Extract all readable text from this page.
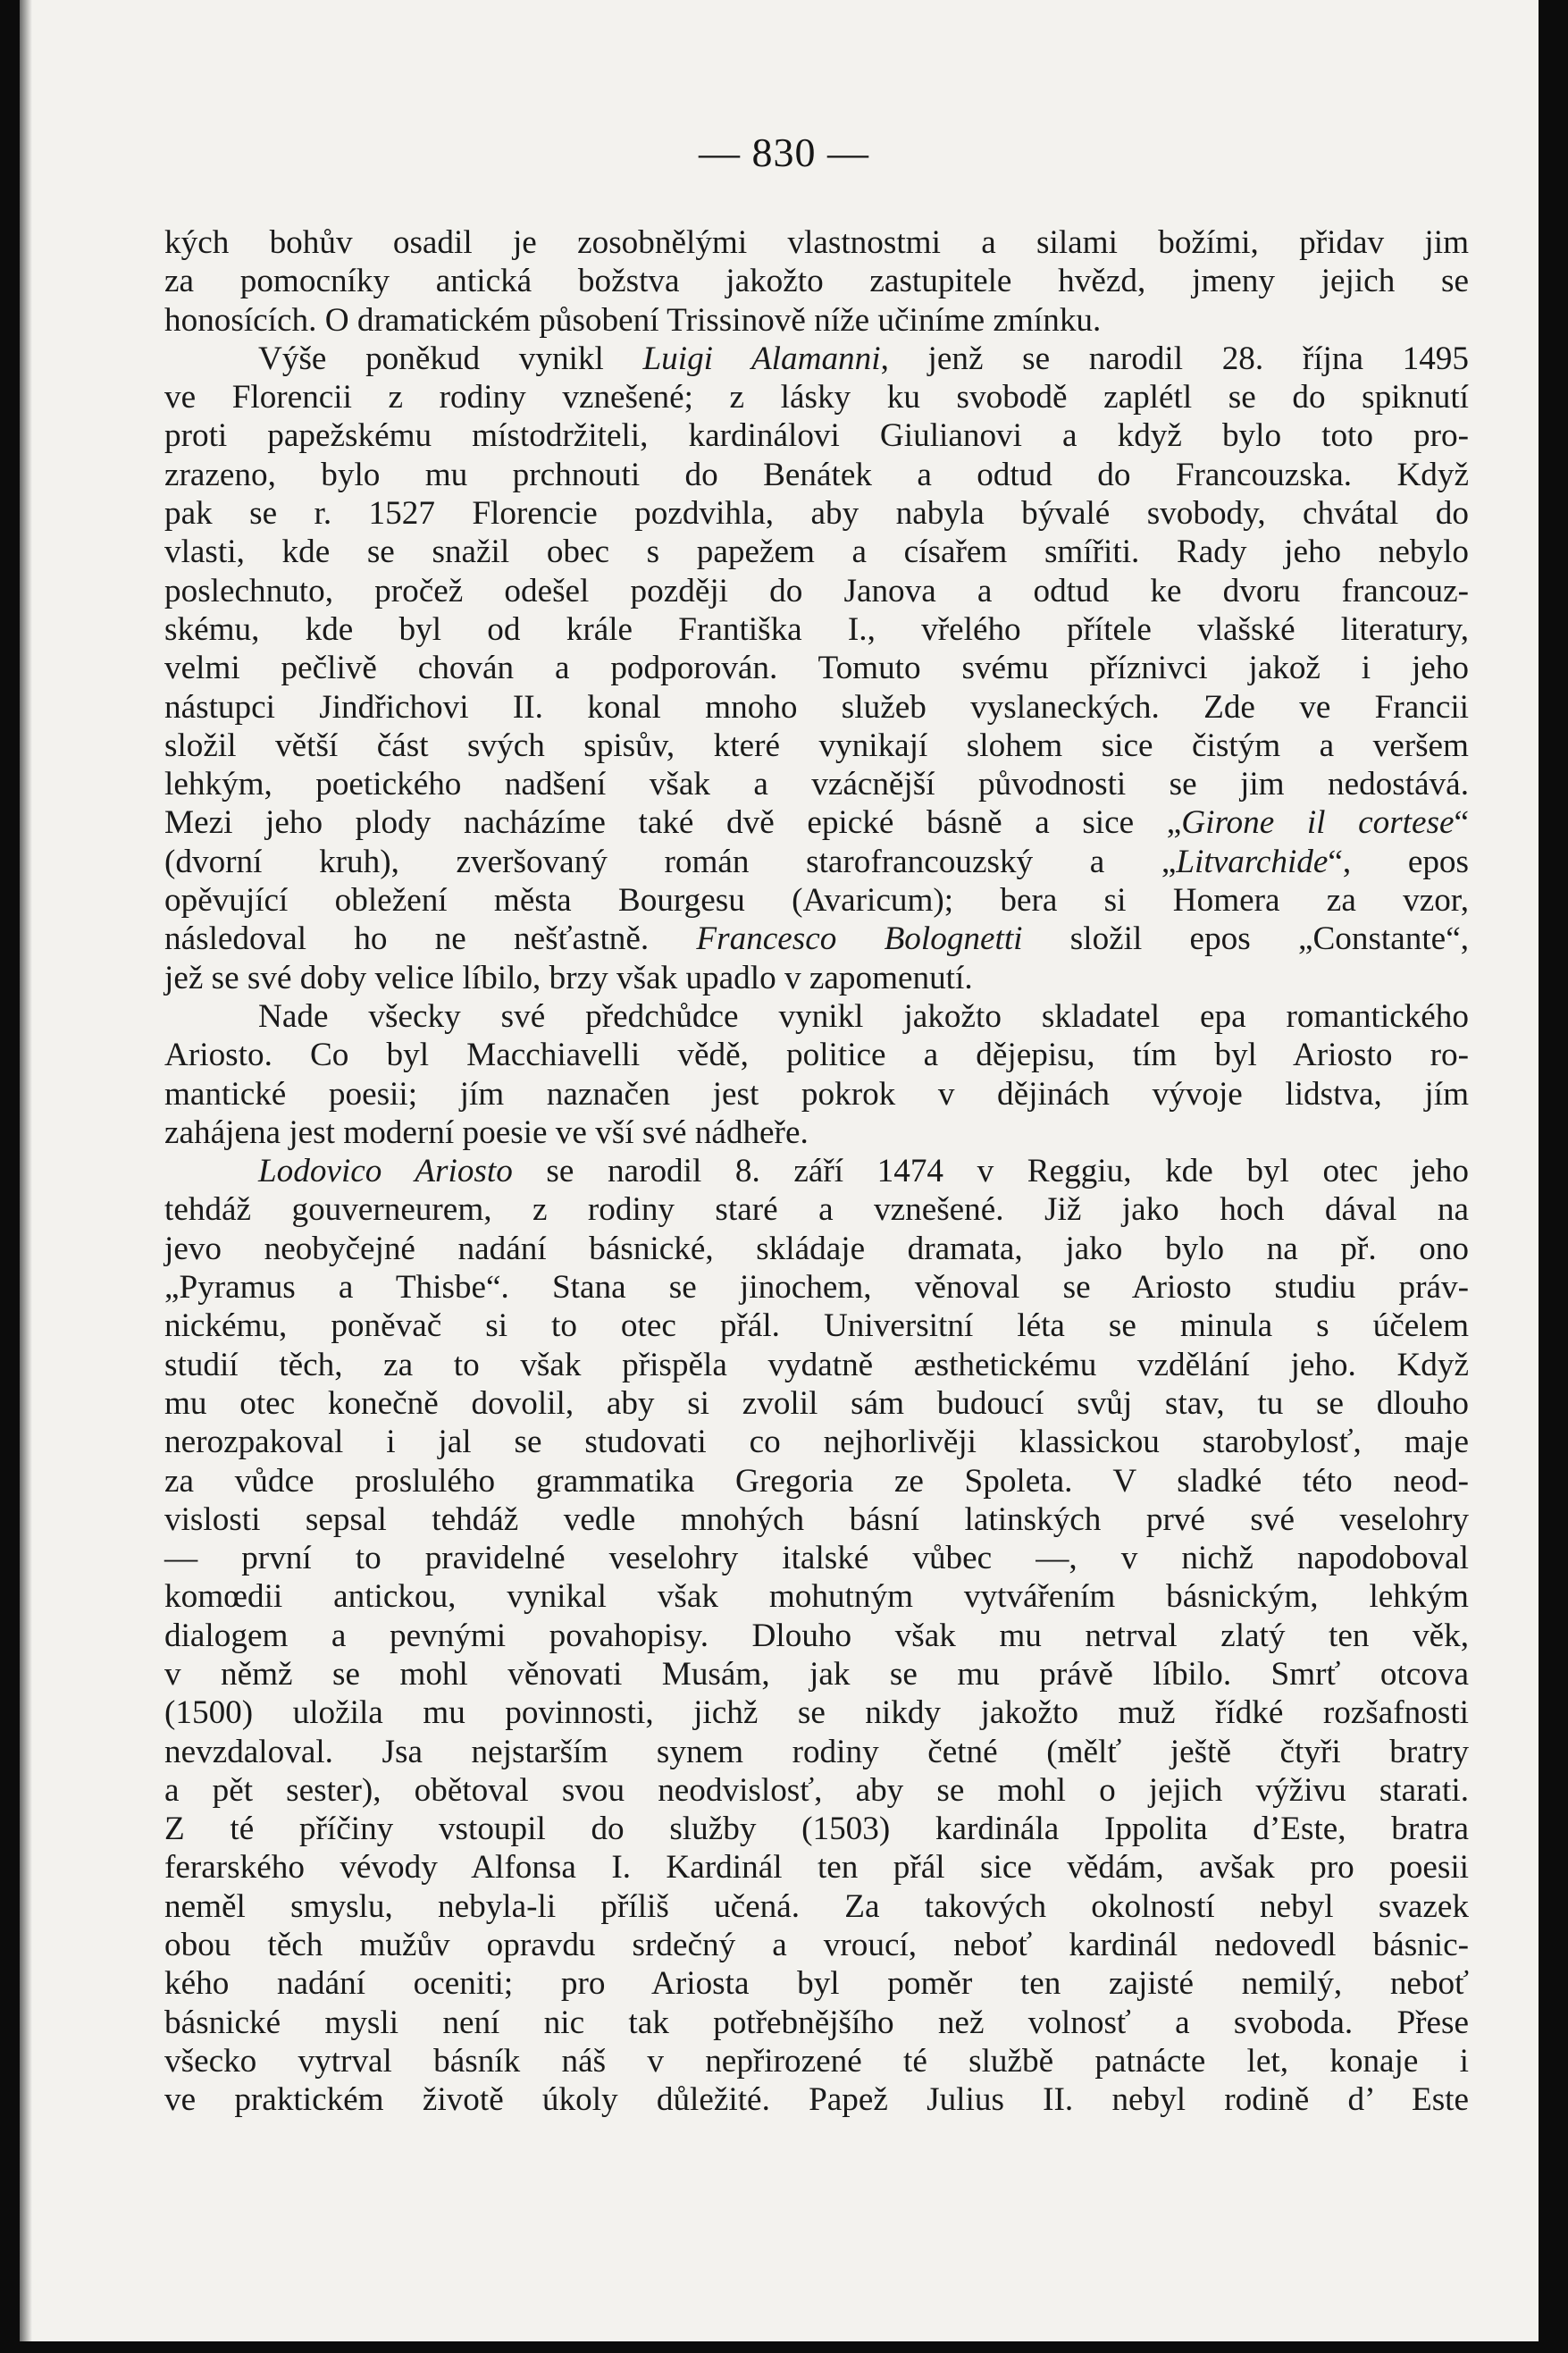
— 830 —

kých bohův osadil je zosobnělými vlastnostmi a silami božími, přidav jim

za pomocníky antická božstva jakožto zastupitele hvězd, jmeny jejich se

honosících. O dramatickém působení Trissinově níže učiníme zmínku.

Výše poněkud vynikl Luigi Alamanni, jenž se narodil 28. října 1495

ve Florencii z rodiny vznešené; z lásky ku svobodě zaplétl se do spiknutí

proti papežskému místodržiteli, kardinálovi Giulianovi a když bylo toto pro-

zrazeno, bylo mu prchnouti do Benátek a odtud do Francouzska. Když

pak se r. 1527 Florencie pozdvihla, aby nabyla bývalé svobody, chvátal do

vlasti, kde se snažil obec s papežem a císařem smířiti. Rady jeho nebylo

poslechnuto, pročež odešel později do Janova a odtud ke dvoru francouz-

skému, kde byl od krále Františka I., vřelého přítele vlašské literatury,

velmi pečlivě chován a podporován. Tomuto svému příznivci jakož i jeho

nástupci Jindřichovi II. konal mnoho služeb vyslaneckých. Zde ve Francii

složil větší část svých spisův, které vynikají slohem sice čistým a veršem

lehkým, poetického nadšení však a vzácnější původnosti se jim nedostává.

Mezi jeho plody nacházíme také dvě epické básně a sice „Girone il cortese“

(dvorní kruh), zveršovaný román starofrancouzský a „Litvarchide“, epos

opěvující obležení města Bourgesu (Avaricum); bera si Homera za vzor,

následoval ho ne nešťastně. Francesco Bolognetti složil epos „Constante“,

jež se své doby velice líbilo, brzy však upadlo v zapomenutí.

Nade všecky své předchůdce vynikl jakožto skladatel epa romantického

Ariosto. Co byl Macchiavelli vědě, politice a dějepisu, tím byl Ariosto ro-

mantické poesii; jím naznačen jest pokrok v dějinách vývoje lidstva, jím

zahájena jest moderní poesie ve vší své nádheře.

Lodovico Ariosto se narodil 8. září 1474 v Reggiu, kde byl otec jeho

tehdáž gouverneurem, z rodiny staré a vznešené. Již jako hoch dával na

jevo neobyčejné nadání básnické, skládaje dramata, jako bylo na př. ono

„Pyramus a Thisbe“. Stana se jinochem, věnoval se Ariosto studiu práv-

nickému, poněvač si to otec přál. Universitní léta se minula s účelem

studií těch, za to však přispěla vydatně æsthetickému vzdělání jeho. Když

mu otec konečně dovolil, aby si zvolil sám budoucí svůj stav, tu se dlouho

nerozpakoval i jal se studovati co nejhorlivěji klassickou starobylosť, maje

za vůdce proslulého grammatika Gregoria ze Spoleta. V sladké této neod-

vislosti sepsal tehdáž vedle mnohých básní latinských prvé své veselohry

— první to pravidelné veselohry italské vůbec —, v nichž napodoboval

komœdii antickou, vynikal však mohutným vytvářením básnickým, lehkým

dialogem a pevnými povahopisy. Dlouho však mu netrval zlatý ten věk,

v němž se mohl věnovati Musám, jak se mu právě líbilo. Smrť otcova

(1500) uložila mu povinnosti, jichž se nikdy jakožto muž řídké rozšafnosti

nevzdaloval. Jsa nejstarším synem rodiny četné (mělť ještě čtyři bratry

a pět sester), obětoval svou neodvislosť, aby se mohl o jejich výživu starati.

Z té příčiny vstoupil do služby (1503) kardinála Ippolita d’Este, bratra

ferarského vévody Alfonsa I. Kardinál ten přál sice vědám, avšak pro poesii

neměl smyslu, nebyla-li příliš učená. Za takových okolností nebyl svazek

obou těch mužův opravdu srdečný a vroucí, neboť kardinál nedovedl básnic-

kého nadání oceniti; pro Ariosta byl poměr ten zajisté nemilý, neboť

básnické mysli není nic tak potřebnějšího než volnosť a svoboda. Přese

všecko vytrval básník náš v nepřirozené té službě patnácte let, konaje i

ve praktickém životě úkoly důležité. Papež Julius II. nebyl rodině d’ Este
